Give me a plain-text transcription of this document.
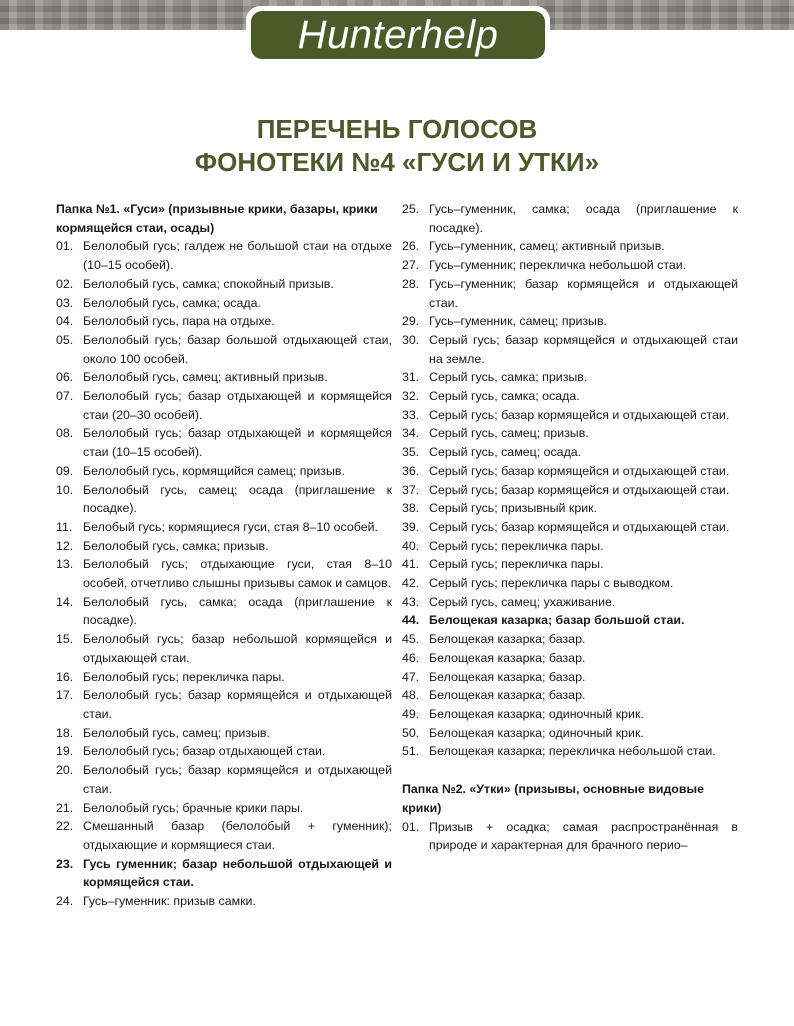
Hunterhelp
ПЕРЕЧЕНЬ ГОЛОСОВ
ФОНОТЕКИ №4 «ГУСИ И УТКИ»
Папка №1. «Гуси» (призывные крики, базары, крики кормящейся стаи, осады)
01. Белолобый гусь; галдеж не большой стаи на отдыхе (10–15 особей).
02. Белолобый гусь, самка; спокойный призыв.
03. Белолобый гусь, самка; осада.
04. Белолобый гусь, пара на отдыхе.
05. Белолобый гусь; базар большой отдыхающей стаи, около 100 особей.
06. Белолобый гусь, самец; активный призыв.
07. Белолобый гусь; базар отдыхающей и кормящейся стаи (20–30 особей).
08. Белолобый гусь; базар отдыхающей и кормящейся стаи (10–15 особей).
09. Белолобый гусь, кормящийся самец; призыв.
10. Белолобый гусь, самец; осада (приглашение к посадке).
11. Белобый гусь; кормящиеся гуси, стая 8–10 особей.
12. Белолобый гусь, самка; призыв.
13. Белолобый гусь; отдыхающие гуси, стая 8–10 особей, отчетливо слышны призывы самок и самцов.
14. Белолобый гусь, самка; осада (приглашение к посадке).
15. Белолобый гусь; базар небольшой кормящейся и отдыхающей стаи.
16. Белолобый гусь; перекличка пары.
17. Белолобый гусь; базар кормящейся и отдыхающей стаи.
18. Белолобый гусь, самец; призыв.
19. Белолобый гусь; базар отдыхающей стаи.
20. Белолобый гусь; базар кормящейся и отдыхающей стаи.
21. Белолобый гусь; брачные крики пары.
22. Смешанный базар (белолобый + гуменник); отдыхающие и кормящиеся стаи.
23. Гусь гуменник; базар небольшой отдыхающей и кормящейся стаи.
24. Гусь–гуменник: призыв самки.
25. Гусь–гуменник, самка; осада (приглашение к посадке).
26. Гусь–гуменник, самец; активный призыв.
27. Гусь–гуменник; перекличка небольшой стаи.
28. Гусь–гуменник; базар кормящейся и отдыхающей стаи.
29. Гусь–гуменник, самец; призыв.
30. Серый гусь; базар кормящейся и отдыхающей стаи на земле.
31. Серый гусь, самка; призыв.
32. Серый гусь, самка; осада.
33. Серый гусь; базар кормящейся и отдыхающей стаи.
34. Серый гусь, самец; призыв.
35. Серый гусь, самец; осада.
36. Серый гусь; базар кормящейся и отдыхающей стаи.
37. Серый гусь; базар кормящейся и отдыхающей стаи.
38. Серый гусь; призывный крик.
39. Серый гусь; базар кормящейся и отдыхающей стаи.
40. Серый гусь; перекличка пары.
41. Серый гусь; перекличка пары.
42. Серый гусь; перекличка пары с выводком.
43. Серый гусь, самец; ухаживание.
44. Белощекая казарка; базар большой стаи.
45. Белощекая казарка; базар.
46. Белощекая казарка; базар.
47. Белощекая казарка; базар.
48. Белощекая казарка; базар.
49. Белощекая казарка; одиночный крик.
50. Белощекая казарка; одиночный крик.
51. Белощекая казарка; перекличка небольшой стаи.
Папка №2. «Утки» (призывы, основные видовые крики)
01. Призыв + осадка; самая распространённая в природе и характерная для брачного перио–
